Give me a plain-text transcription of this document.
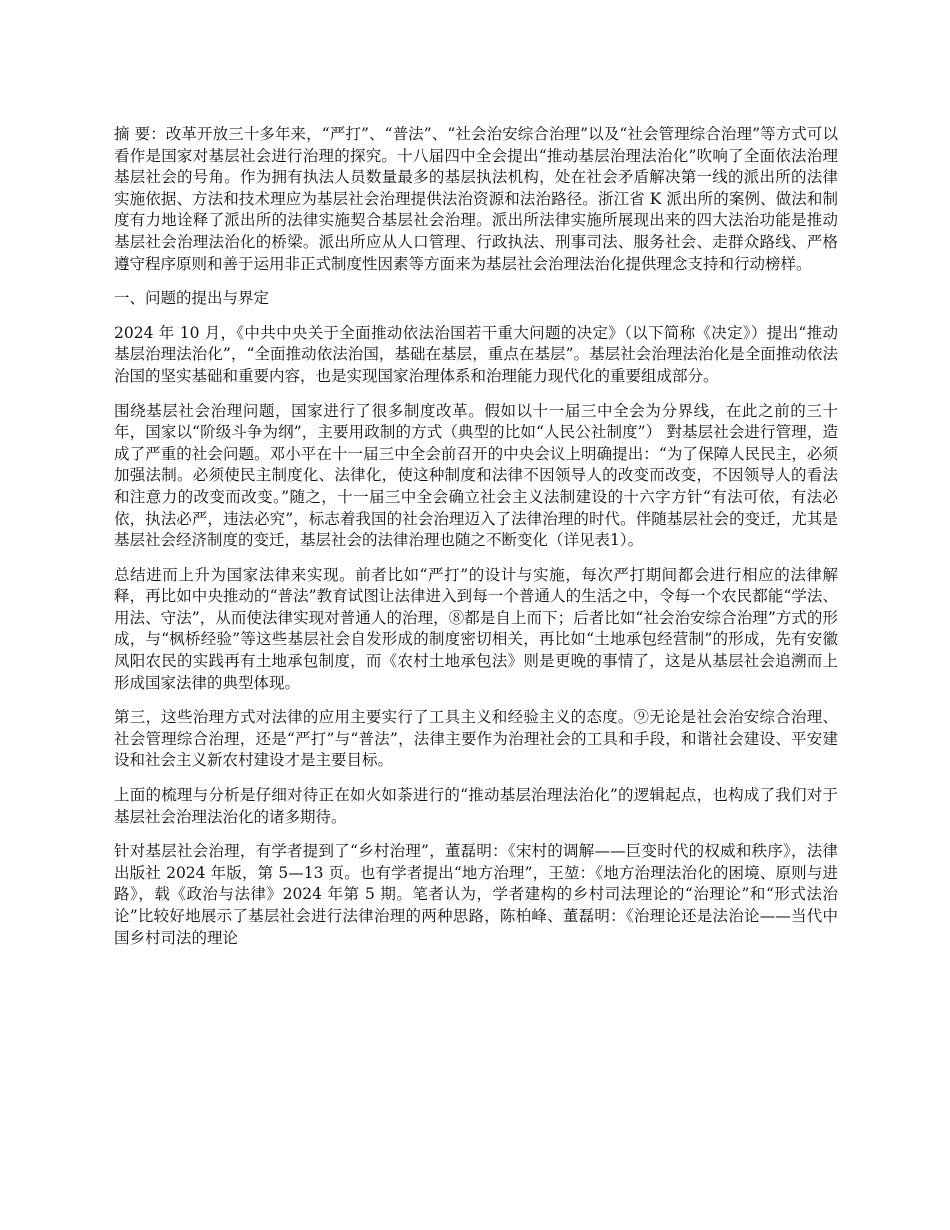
摘 要：改革开放三十多年来，“严打”、“普法”、“社会治安综合治理”以及“社会管理综合治理”等方式可以看作是国家对基层社会进行治理的探究。十八届四中全会提出“推动基层治理法治化”吹响了全面依法治理基层社会的号角。作为拥有执法人员数量最多的基层执法机构，处在社会矛盾解决第一线的派出所的法律实施依据、方法和技术理应为基层社会治理提供法治资源和法治路径。浙江省 K 派出所的案例、做法和制度有力地诠释了派出所的法律实施契合基层社会治理。派出所法律实施所展现出来的四大法治功能是推动基层社会治理法治化的桥梁。派出所应从人口管理、行政执法、刑事司法、服务社会、走群众路线、严格遵守程序原则和善于运用非正式制度性因素等方面来为基层社会治理法治化提供理念支持和行动榜样。

一、问题的提出与界定

2024 年 10 月，《中共中央关于全面推动依法治国若干重大问题的决定》（以下简称《决定》）提出“推动基层治理法治化”，“全面推动依法治国，基础在基层，重点在基层”。基层社会治理法治化是全面推动依法治国的坚实基础和重要内容，也是实现国家治理体系和治理能力现代化的重要组成部分。

围绕基层社会治理问题，国家进行了很多制度改革。假如以十一届三中全会为分界线，在此之前的三十年，国家以“阶级斗争为纲”，主要用政制的方式（典型的比如“人民公社制度”） 對基层社会进行管理，造成了严重的社会问题。邓小平在十一届三中全会前召开的中央会议上明确提出：“为了保障人民民主，必须加强法制。必须使民主制度化、法律化，使这种制度和法律不因领导人的改变而改变，不因领导人的看法和注意力的改变而改变。”随之，十一届三中全会确立社会主义法制建设的十六字方针“有法可依，有法必依，执法必严，违法必究”，标志着我国的社会治理迈入了法律治理的时代。伴随基层社会的变迁，尤其是基层社会经济制度的变迁，基层社会的法律治理也随之不断变化（详见表1）。

总结进而上升为国家法律来实现。前者比如“严打”的设计与实施，每次严打期间都会进行相应的法律解释，再比如中央推动的“普法”教育试图让法律进入到每一个普通人的生活之中，令每一个农民都能“学法、用法、守法”，从而使法律实现对普通人的治理，⑧都是自上而下；后者比如“社会治安综合治理”方式的形成，与“枫桥经验”等这些基层社会自发形成的制度密切相关，再比如“土地承包经营制”的形成，先有安徽凤阳农民的实践再有土地承包制度，而《农村土地承包法》则是更晚的事情了，这是从基层社会追溯而上形成国家法律的典型体现。

第三，这些治理方式对法律的应用主要实行了工具主义和经验主义的态度。⑨无论是社会治安综合治理、社会管理综合治理，还是“严打”与“普法”，法律主要作为治理社会的工具和手段，和谐社会建设、平安建设和社会主义新农村建设才是主要目标。

上面的梳理与分析是仔细对待正在如火如荼进行的“推动基层治理法治化”的逻辑起点，也构成了我们对于基层社会治理法治化的诸多期待。

针对基层社会治理，有学者提到了“乡村治理”，董磊明：《宋村的调解——巨变时代的权威和秩序》，法律出版社 2024 年版，第 5—13 页。也有学者提出“地方治理”，王堃：《地方治理法治化的困境、原则与进路》，载《政治与法律》2024 年第 5 期。笔者认为，学者建构的乡村司法理论的“治理论”和“形式法治论”比较好地展示了基层社会进行法律治理的两种思路，陈柏峰、董磊明：《治理论还是法治论——当代中国乡村司法的理论
